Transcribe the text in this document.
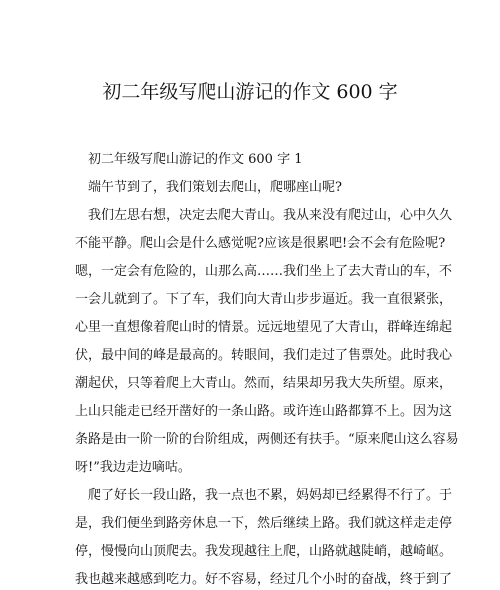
初二年级写爬山游记的作文 600 字
初二年级写爬山游记的作文 600 字 1
端午节到了，我们策划去爬山，爬哪座山呢?
我们左思右想，决定去爬大青山。我从来没有爬过山，心中久久
不能平静。爬山会是什么感觉呢?应该是很累吧!会不会有危险呢?
嗯，一定会有危险的，山那么高……我们坐上了去大青山的车，不
一会儿就到了。下了车，我们向大青山步步逼近。我一直很紧张，
心里一直想像着爬山时的情景。远远地望见了大青山，群峰连绵起
伏，最中间的峰是最高的。转眼间，我们走过了售票处。此时我心
潮起伏，只等着爬上大青山。然而，结果却另我大失所望。原来，
上山只能走已经开凿好的一条山路。或许连山路都算不上。因为这
条路是由一阶一阶的台阶组成，两侧还有扶手。“原来爬山这么容易
呀!”我边走边嘀咕。
爬了好长一段山路，我一点也不累，妈妈却已经累得不行了。于
是，我们便坐到路旁休息一下，然后继续上路。我们就这样走走停
停，慢慢向山顶爬去。我发现越往上爬，山路就越陡峭，越崎岖。
我也越来越感到吃力。好不容易，经过几个小时的奋战，终于到了
